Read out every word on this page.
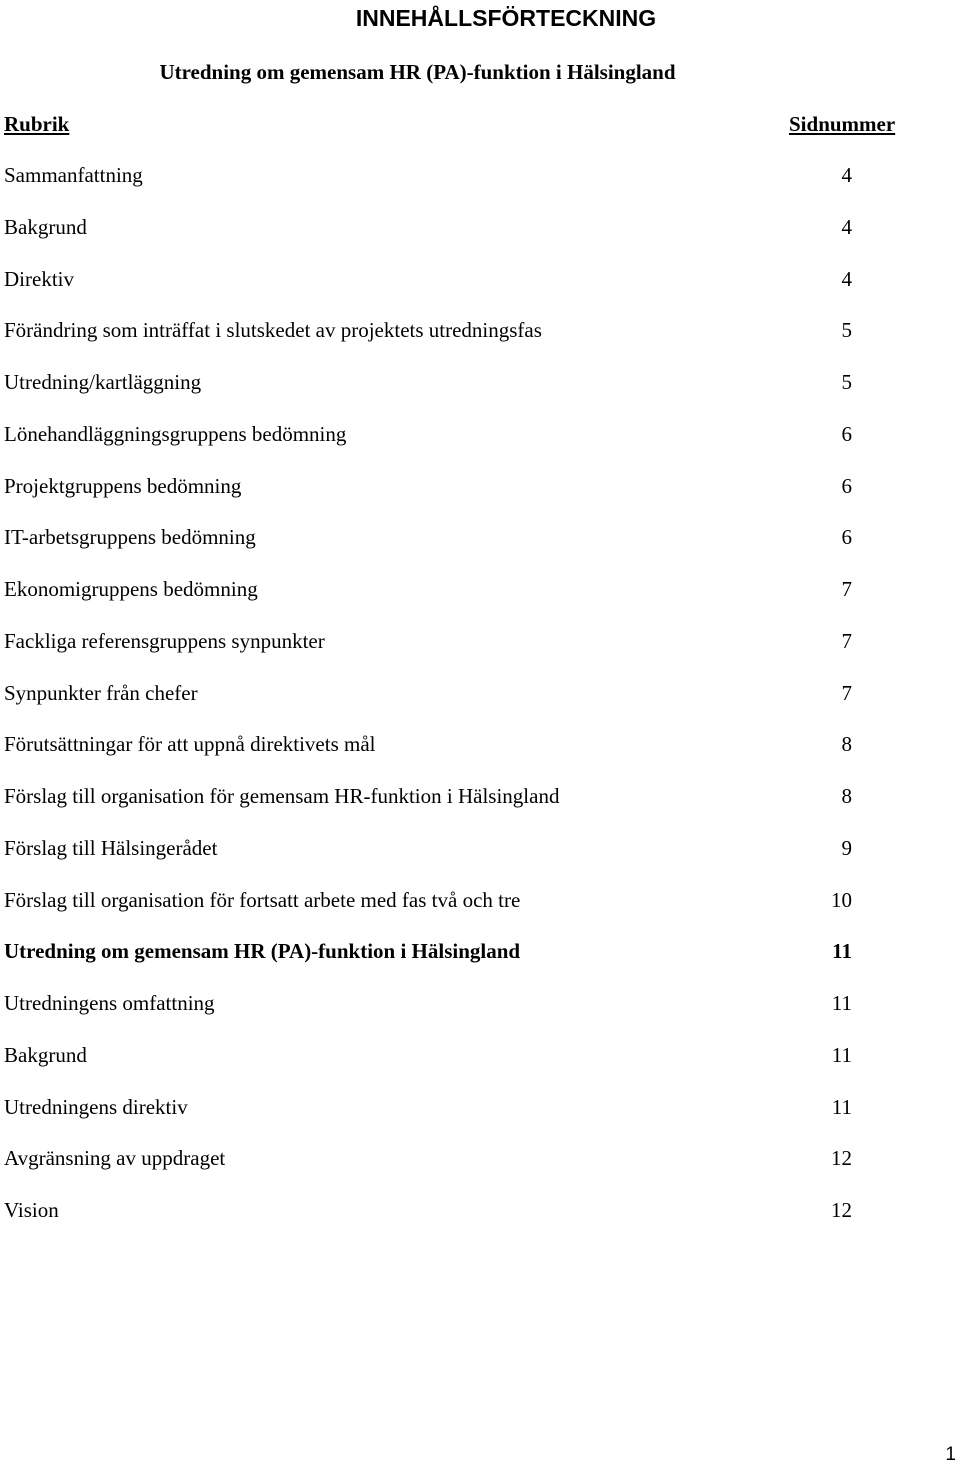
INNEHÅLLSFÖRTECKNING
Utredning om gemensam HR (PA)-funktion i Hälsingland
Rubrik	Sidnummer
Sammanfattning	4
Bakgrund	4
Direktiv	4
Förändring som inträffat i slutskedet av projektets utredningsfas	5
Utredning/kartläggning	5
Lönehandläggningsgruppens bedömning	6
Projektgruppens bedömning	6
IT-arbetsgruppens bedömning	6
Ekonomigruppens bedömning	7
Fackliga referensgruppens synpunkter	7
Synpunkter från chefer	7
Förutsättningar för att uppnå direktivets mål	8
Förslag till organisation för gemensam HR-funktion i Hälsingland	8
Förslag till Hälsingerådet	9
Förslag till organisation för fortsatt arbete med fas två och tre	10
Utredning om gemensam HR (PA)-funktion i Hälsingland	11
Utredningens omfattning	11
Bakgrund	11
Utredningens direktiv	11
Avgränsning av uppdraget	12
Vision	12
1
